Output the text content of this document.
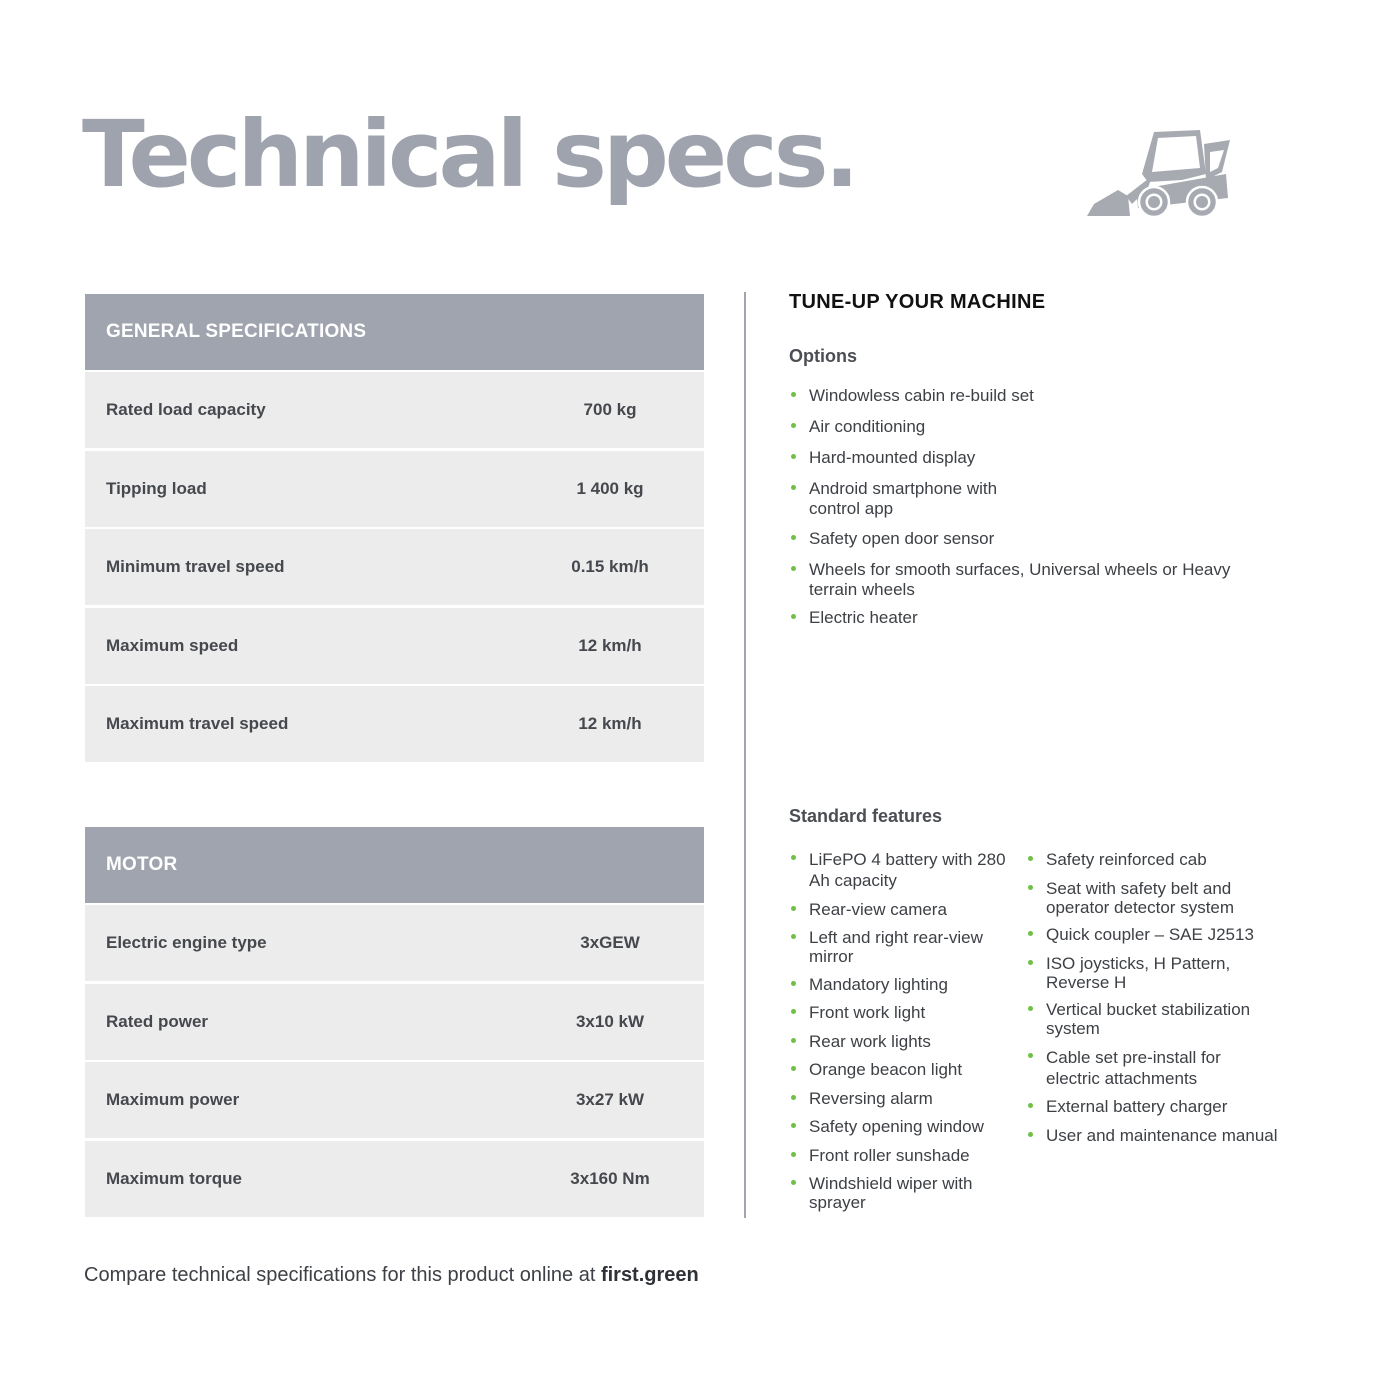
Technical specs.
GENERAL SPECIFICATIONS
Rated load capacity	700 kg
Tipping load	1 400 kg
Minimum travel speed	0.15 km/h
Maximum speed	12 km/h
Maximum travel speed	12 km/h
MOTOR
Electric engine type	3xGEW
Rated power	3x10 kW
Maximum power	3x27 kW
Maximum torque	3x160 Nm
TUNE-UP YOUR MACHINE
Options
Windowless cabin re-build set
Air conditioning
Hard-mounted display
Android smartphone with control app
Safety open door sensor
Wheels for smooth surfaces, Universal wheels or Heavy terrain wheels
Electric heater
Standard features
LiFePO 4 battery with 280 Ah capacity
Rear-view camera
Left and right rear-view mirror
Mandatory lighting
Front work light
Rear work lights
Orange beacon light
Reversing alarm
Safety opening window
Front roller sunshade
Windshield wiper with sprayer
Safety reinforced cab
Seat with safety belt and operator detector system
Quick coupler – SAE J2513
ISO joysticks, H Pattern, Reverse H
Vertical bucket stabilization system
Cable set pre-install for electric attachments
External battery charger
User and maintenance manual

Compare technical specifications for this product online at first.green
